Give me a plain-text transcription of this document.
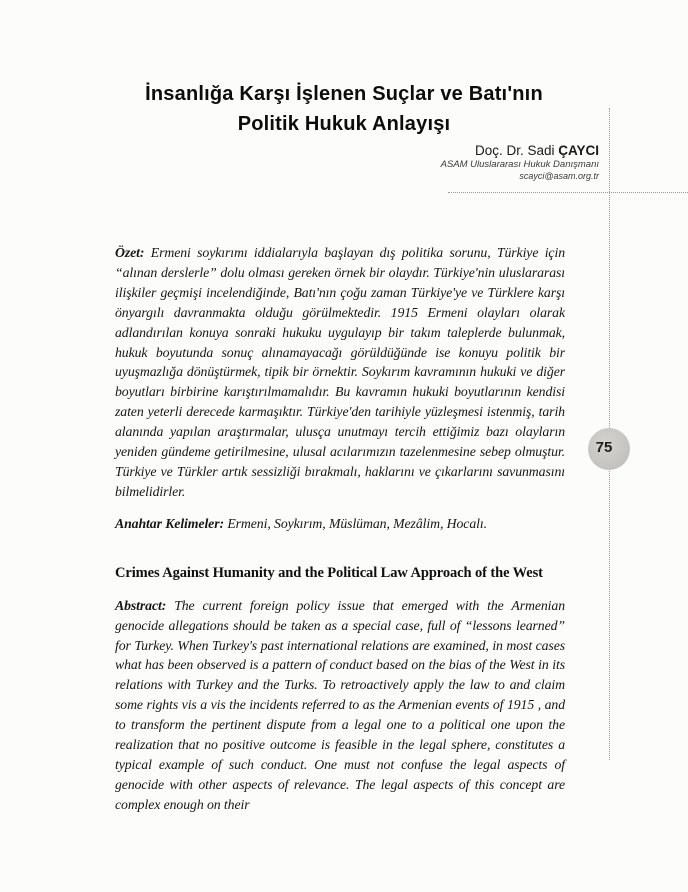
İnsanlığa Karşı İşlenen Suçlar ve Batı'nın
Politik Hukuk Anlayışı
Doç. Dr. Sadi ÇAYCI
ASAM Uluslararası Hukuk Danışmanı
scayci@asam.org.tr
75

Özet: Ermeni soykırımı iddialarıyla başlayan dış politika sorunu, Türkiye için “alınan derslerle” dolu olması gereken örnek bir olaydır. Türkiye'nin uluslararası ilişkiler geçmişi incelendiğinde, Batı'nın çoğu zaman Türkiye'ye ve Türklere karşı önyargılı davranmakta olduğu görülmektedir. 1915 Ermeni olayları olarak adlandırılan konuya sonraki hukuku uygulayıp bir takım taleplerde bulunmak, hukuk boyutunda sonuç alınamayacağı görüldüğünde ise konuyu politik bir uyuşmazlığa dönüştürmek, tipik bir örnektir. Soykırım kavramının hukuki ve diğer boyutları birbirine karıştırılmamalıdır. Bu kavramın hukuki boyutlarının kendisi zaten yeterli derecede karmaşıktır. Türkiye'den tarihiyle yüzleşmesi istenmiş, tarih alanında yapılan araştırmalar, ulusça unutmayı tercih ettiğimiz bazı olayların yeniden gündeme getirilmesine, ulusal acılarımızın tazelenmesine sebep olmuştur. Türkiye ve Türkler artık sessizliği bırakmalı, haklarını ve çıkarlarını savunmasını bilmelidirler.

Anahtar Kelimeler: Ermeni, Soykırım, Müslüman, Mezâlim, Hocalı.

Crimes Against Humanity and the Political Law Approach of the West

Abstract: The current foreign policy issue that emerged with the Armenian genocide allegations should be taken as a special case, full of “lessons learned” for Turkey. When Turkey's past international relations are examined, in most cases what has been observed is a pattern of conduct based on the bias of the West in its relations with Turkey and the Turks. To retroactively apply the law to and claim some rights vis a vis the incidents referred to as the Armenian events of 1915 , and to transform the pertinent dispute from a legal one to a political one upon the realization that no positive outcome is feasible in the legal sphere, constitutes a typical example of such conduct. One must not confuse the legal aspects of genocide with other aspects of relevance. The legal aspects of this concept are complex enough on their
